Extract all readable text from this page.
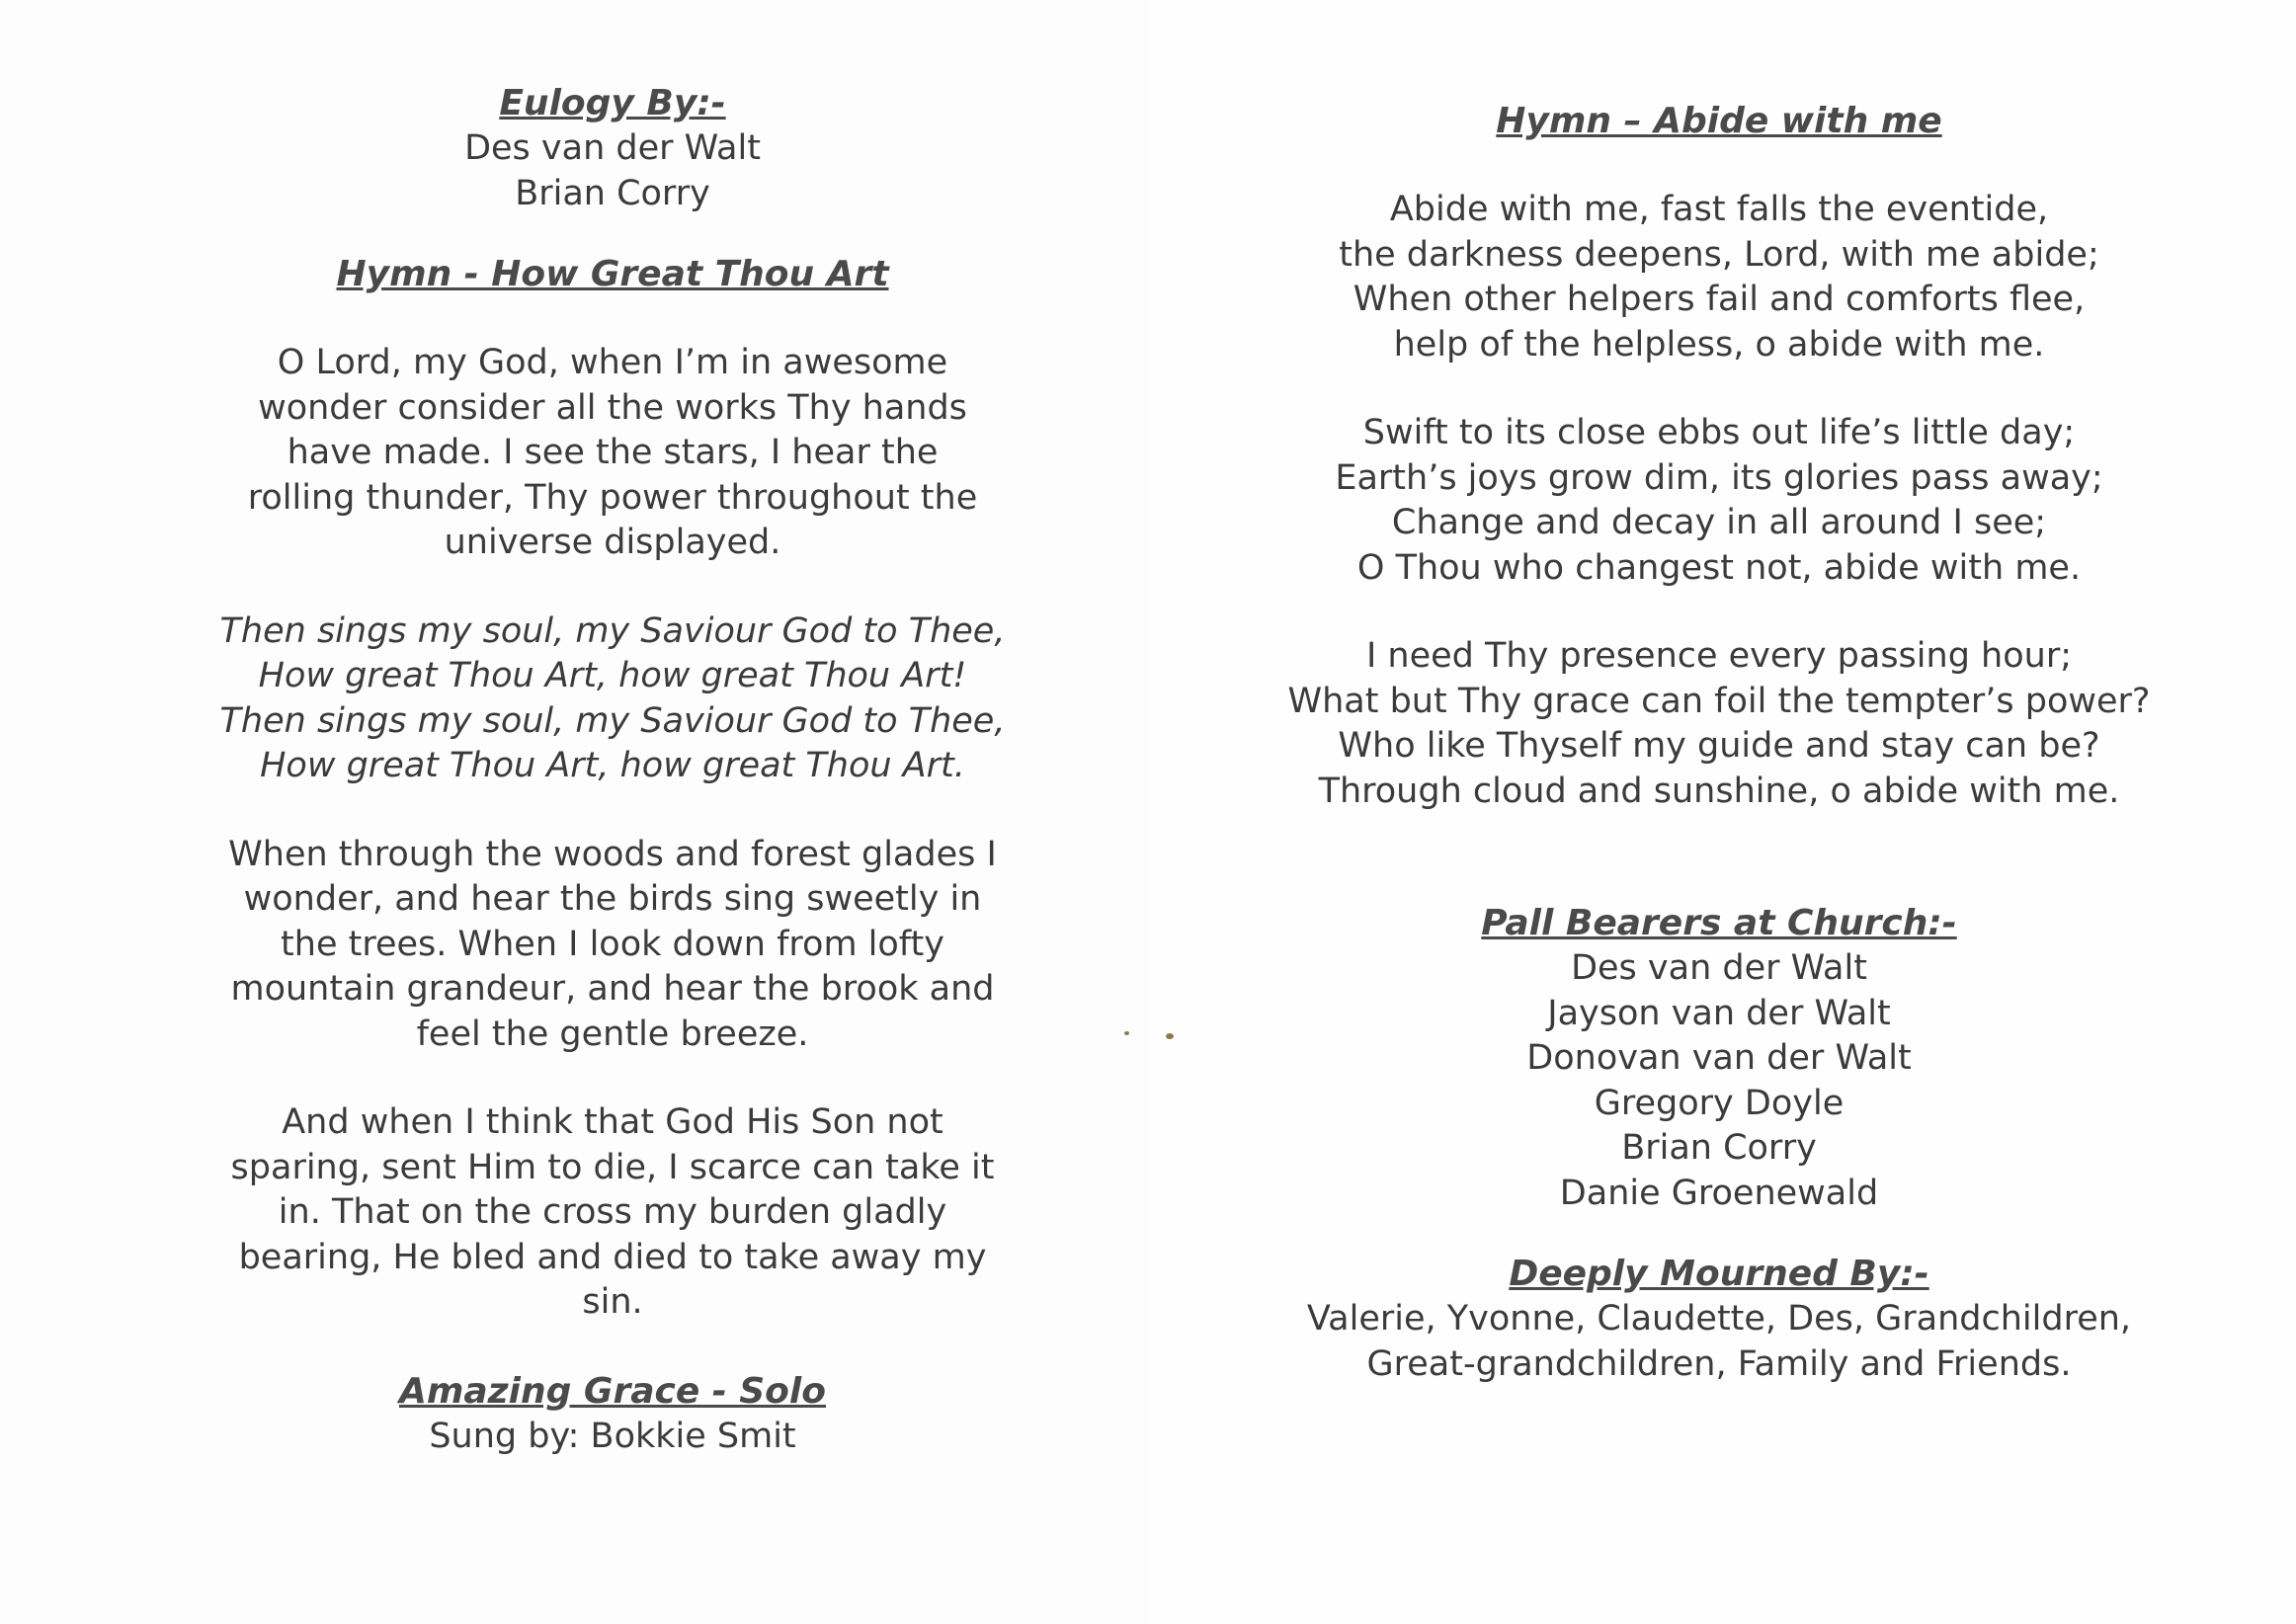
Eulogy By:-

Des van der Walt

Brian Corry

Hymn - How Great Thou Art

O Lord, my God, when I’m in awesome

wonder consider all the works Thy hands

have made. I see the stars, I hear the

rolling thunder, Thy power throughout the

universe displayed.

Then sings my soul, my Saviour God to Thee,

How great Thou Art, how great Thou Art!

Then sings my soul, my Saviour God to Thee,

How great Thou Art, how great Thou Art.

When through the woods and forest glades I

wonder, and hear the birds sing sweetly in

the trees. When I look down from lofty

mountain grandeur, and hear the brook and

feel the gentle breeze.

And when I think that God His Son not

sparing, sent Him to die, I scarce can take it

in. That on the cross my burden gladly

bearing, He bled and died to take away my

sin.

Amazing Grace - Solo

Sung by: Bokkie Smit

Hymn – Abide with me

Abide with me, fast falls the eventide,

the darkness deepens, Lord, with me abide;

When other helpers fail and comforts flee,

help of the helpless, o abide with me.

Swift to its close ebbs out life’s little day;

Earth’s joys grow dim, its glories pass away;

Change and decay in all around I see;

O Thou who changest not, abide with me.

I need Thy presence every passing hour;

What but Thy grace can foil the tempter’s power?

Who like Thyself my guide and stay can be?

Through cloud and sunshine, o abide with me.

Pall Bearers at Church:-

Des van der Walt

Jayson van der Walt

Donovan van der Walt

Gregory Doyle

Brian Corry

Danie Groenewald

Deeply Mourned By:-

Valerie, Yvonne, Claudette, Des, Grandchildren,

Great-grandchildren, Family and Friends.
